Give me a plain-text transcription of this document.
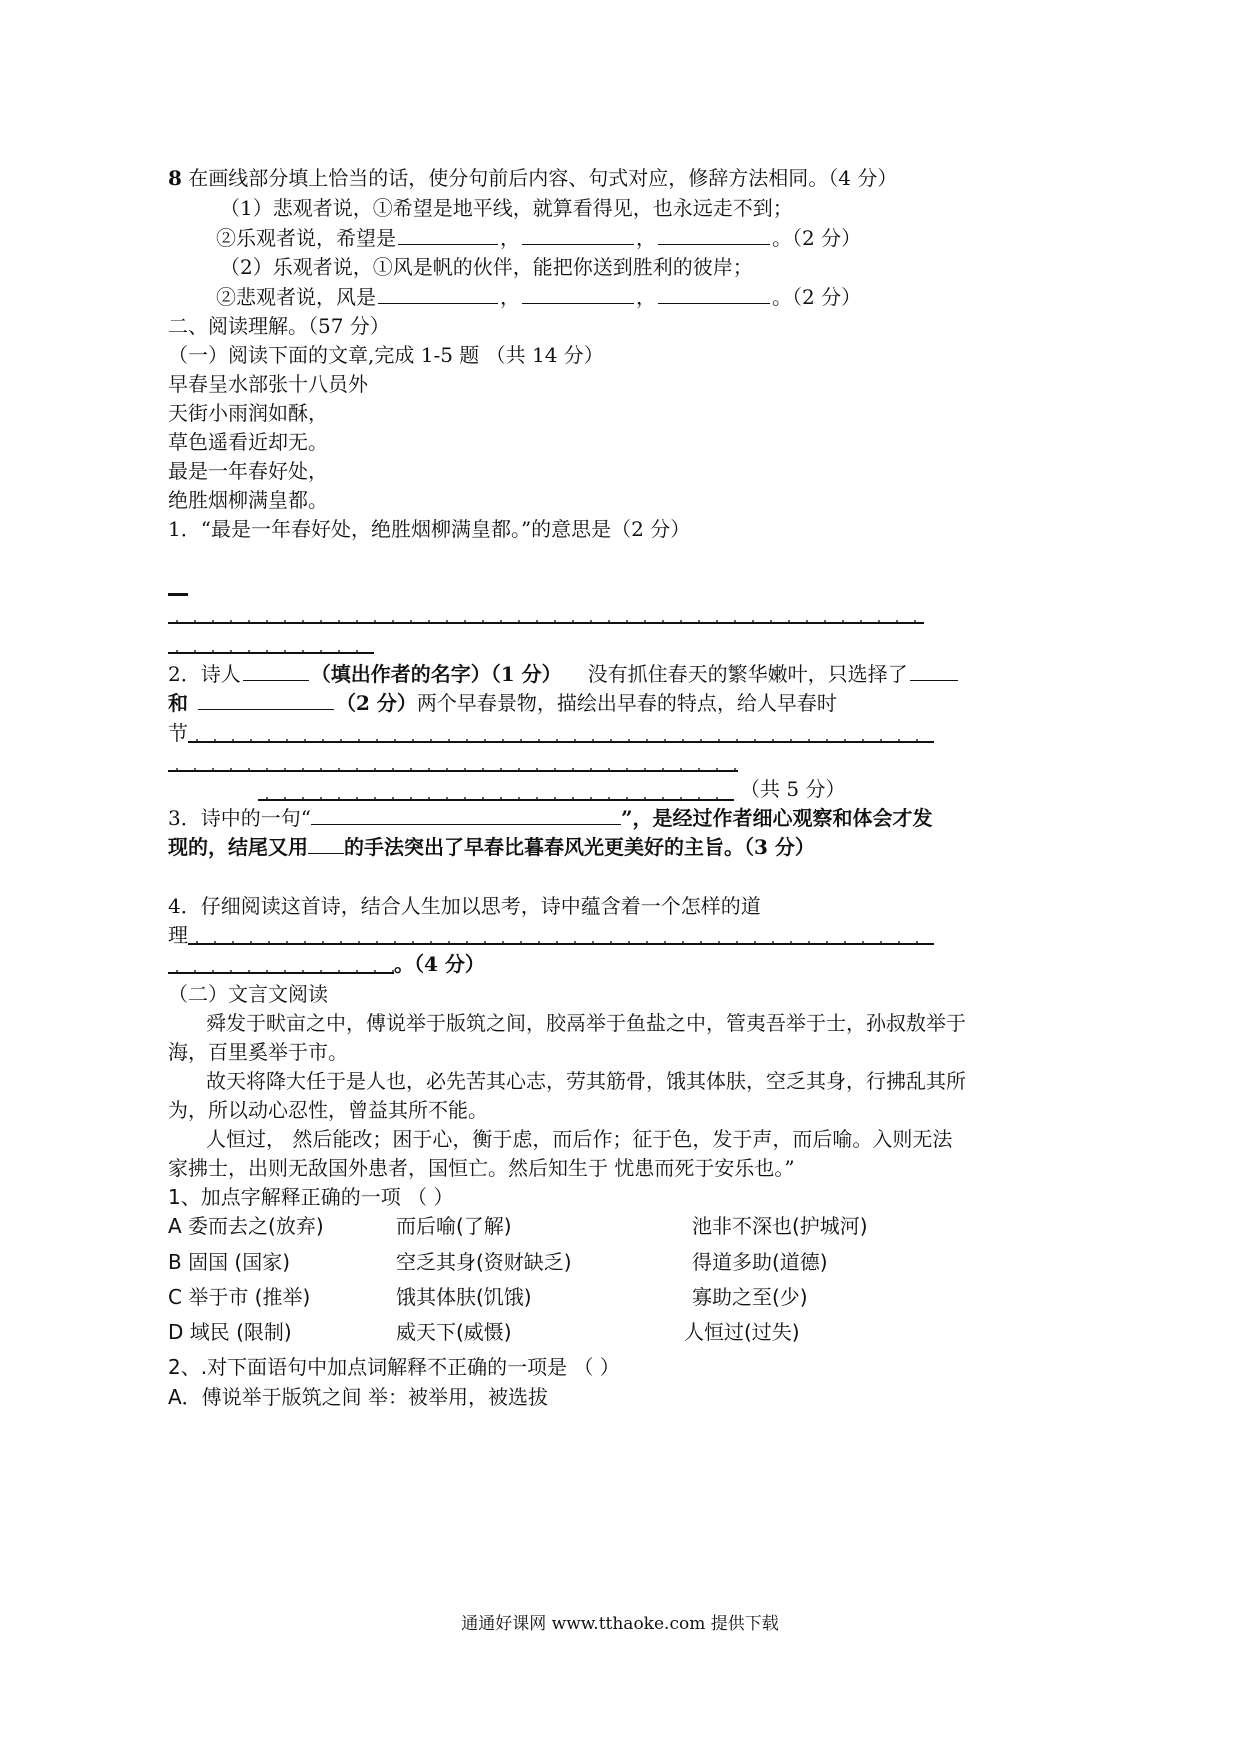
8 在画线部分填上恰当的话，使分句前后内容、句式对应，修辞方法相同。（4 分）
（1）悲观者说，①希望是地平线，就算看得见，也永远走不到；
②乐观者说，希望是	，	，	。（2 分）
（2）乐观者说，①风是帆的伙伴，能把你送到胜利的彼岸；
②悲观者说，风是	，	，	。（2 分）
二、阅读理解。（57 分）
（一）阅读下面的文章,完成 1-5 题 （共 14 分）
早春呈水部张十八员外
天街小雨润如酥，
草色遥看近却无。
最是一年春好处，
绝胜烟柳满皇都。
1．“最是一年春好处，绝胜烟柳满皇都。”的意思是（2 分）
2．诗人	（填出作者的名字）（1 分） 没有抓住春天的繁华嫩叶，只选择了
和	（2 分）两个早春景物，描绘出早春的特点，给人早春时
节
（共 5 分）
3．诗中的一句“	”，是经过作者细心观察和体会才发
现的，结尾又用 的手法突出了早春比暮春风光更美好的主旨。（3 分）
4．仔细阅读这首诗，结合人生加以思考，诗中蕴含着一个怎样的道
理
。（4 分）
（二）文言文阅读
舜发于畎亩之中，傅说举于版筑之间，胶鬲举于鱼盐之中，管夷吾举于士，孙叔敖举于
海，百里奚举于市。
故天将降大任于是人也，必先苦其心志，劳其筋骨，饿其体肤，空乏其身，行拂乱其所
为，所以动心忍性，曾益其所不能。
人恒过， 然后能改；困于心，衡于虑，而后作；征于色，发于声，而后喻。入则无法
家拂士，出则无敌国外患者，国恒亡。然后知生于 忧患而死于安乐也。”
1、加点字解释正确的一项 （ ）
A 委而去之(放弃)	而后喻(了解)	池非不深也(护城河)
B 固国 (国家)	空乏其身(资财缺乏)	得道多助(道德)
C 举于市 (推举)	饿其体肤(饥饿)	寡助之至(少)
D 域民 (限制)	威天下(威慑)	人恒过(过失)
2、.对下面语句中加点词解释不正确的一项是 （ ）
A．傅说举于版筑之间 举：被举用，被选拔
通通好课网 www.tthaoke.com 提供下载
